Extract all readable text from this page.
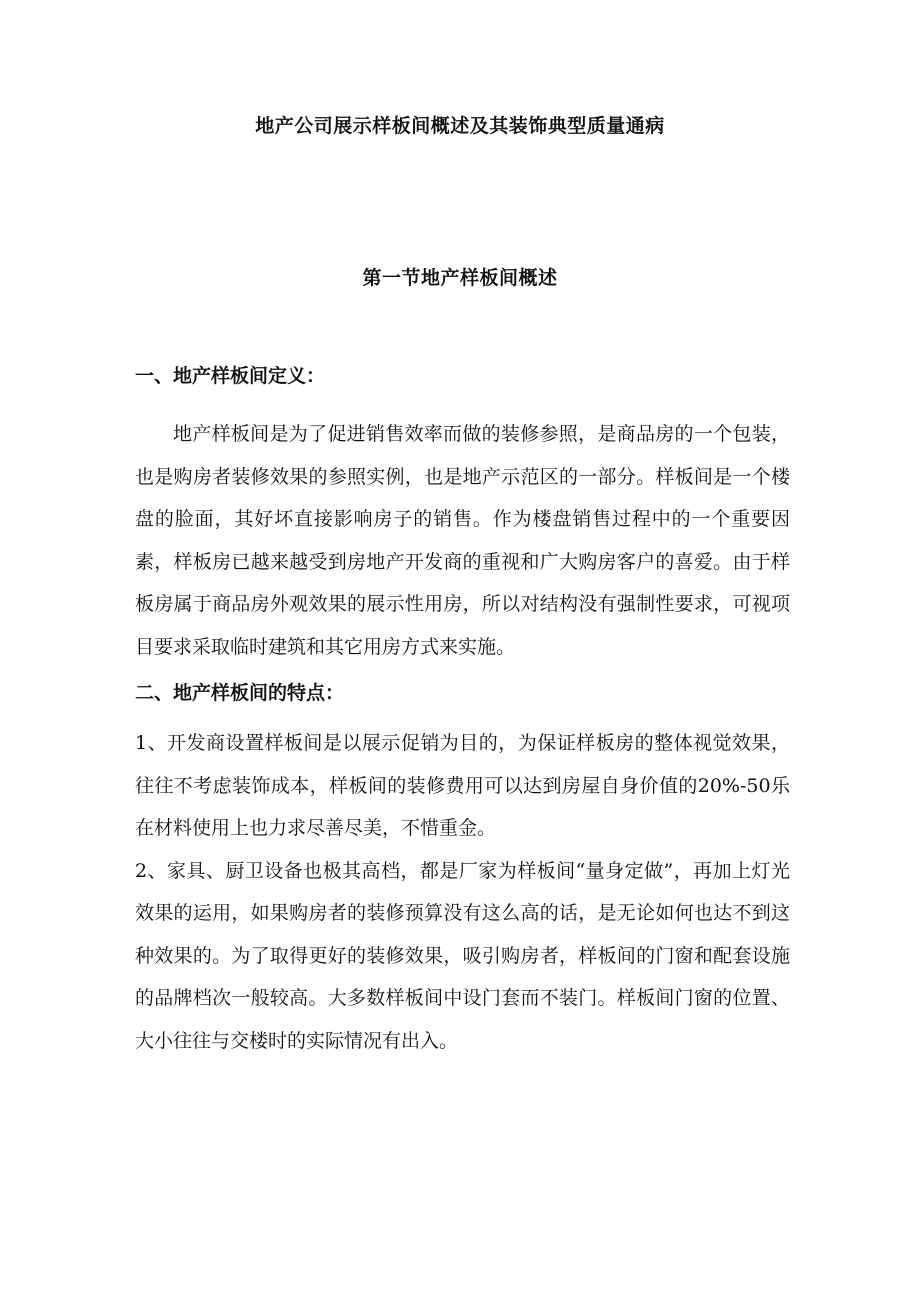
地产公司展示样板间概述及其装饰典型质量通病
第一节地产样板间概述
一、地产样板间定义：

地产样板间是为了促进销售效率而做的装修参照，是商品房的一个包装，也是购房者装修效果的参照实例，也是地产示范区的一部分。样板间是一个楼盘的脸面，其好坏直接影响房子的销售。作为楼盘销售过程中的一个重要因素，样板房已越来越受到房地产开发商的重视和广大购房客户的喜爱。由于样板房属于商品房外观效果的展示性用房，所以对结构没有强制性要求，可视项目要求采取临时建筑和其它用房方式来实施。

二、地产样板间的特点：

1、开发商设置样板间是以展示促销为目的，为保证样板房的整体视觉效果，往往不考虑装饰成本，样板间的装修费用可以达到房屋自身价值的20%-50乐在材料使用上也力求尽善尽美，不惜重金。

2、家具、厨卫设备也极其高档，都是厂家为样板间“量身定做”，再加上灯光效果的运用，如果购房者的装修预算没有这么高的话，是无论如何也达不到这种效果的。为了取得更好的装修效果，吸引购房者，样板间的门窗和配套设施的品牌档次一般较高。大多数样板间中设门套而不装门。样板间门窗的位置、大小往往与交楼时的实际情况有出入。
